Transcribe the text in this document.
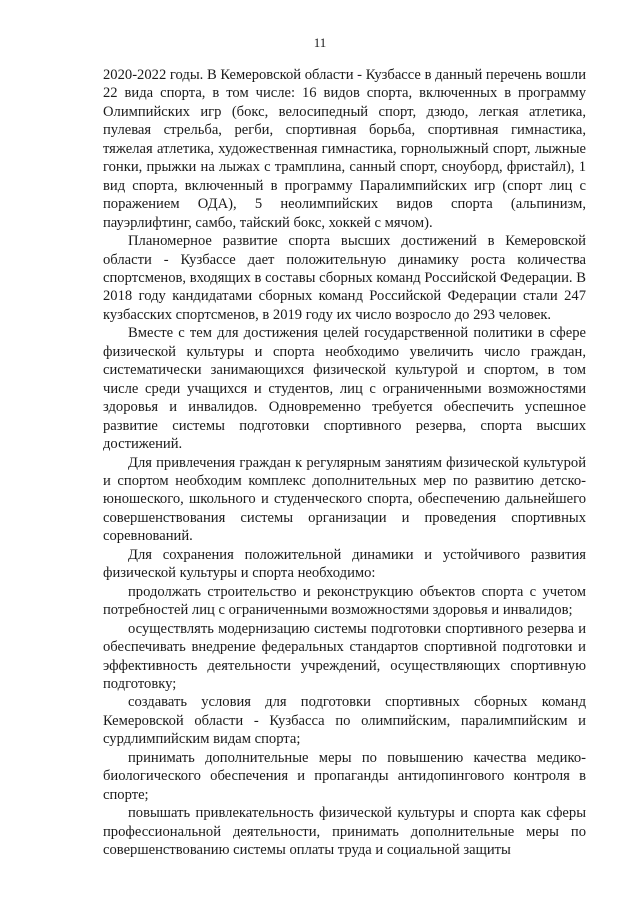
11

2020-2022 годы. В Кемеровской области - Кузбассе в данный перечень вошли 22 вида спорта, в том числе: 16 видов спорта, включенных в программу Олимпийских игр (бокс, велосипедный спорт, дзюдо, легкая атлетика, пулевая стрельба, регби, спортивная борьба, спортивная гимнастика, тяжелая атлетика, художественная гимнастика, горнолыжный спорт, лыжные гонки, прыжки на лыжах с трамплина, санный спорт, сноуборд, фристайл), 1 вид спорта, включенный в программу Паралимпийских игр (спорт лиц с поражением ОДА), 5 неолимпийских видов спорта (альпинизм, пауэрлифтинг, самбо, тайский бокс, хоккей с мячом).

Планомерное развитие спорта высших достижений в Кемеровской области - Кузбассе дает положительную динамику роста количества спортсменов, входящих в составы сборных команд Российской Федерации. В 2018 году кандидатами сборных команд Российской Федерации стали 247 кузбасских спортсменов, в 2019 году их число возросло до 293 человек.

Вместе с тем для достижения целей государственной политики в сфере физической культуры и спорта необходимо увеличить число граждан, систематически занимающихся физической культурой и спортом, в том числе среди учащихся и студентов, лиц с ограниченными возможностями здоровья и инвалидов. Одновременно требуется обеспечить успешное развитие системы подготовки спортивного резерва, спорта высших достижений.

Для привлечения граждан к регулярным занятиям физической культурой и спортом необходим комплекс дополнительных мер по развитию детско-юношеского, школьного и студенческого спорта, обеспечению дальнейшего совершенствования системы организации и проведения спортивных соревнований.

Для сохранения положительной динамики и устойчивого развития физической культуры и спорта необходимо:

продолжать строительство и реконструкцию объектов спорта с учетом потребностей лиц с ограниченными возможностями здоровья и инвалидов;

осуществлять модернизацию системы подготовки спортивного резерва и обеспечивать внедрение федеральных стандартов спортивной подготовки и эффективность деятельности учреждений, осуществляющих спортивную подготовку;

создавать условия для подготовки спортивных сборных команд Кемеровской области - Кузбасса по олимпийским, паралимпийским и сурдлимпийским видам спорта;

принимать дополнительные меры по повышению качества медико-биологического обеспечения и пропаганды антидопингового контроля в спорте;

повышать привлекательность физической культуры и спорта как сферы профессиональной деятельности, принимать дополнительные меры по совершенствованию системы оплаты труда и социальной защиты
